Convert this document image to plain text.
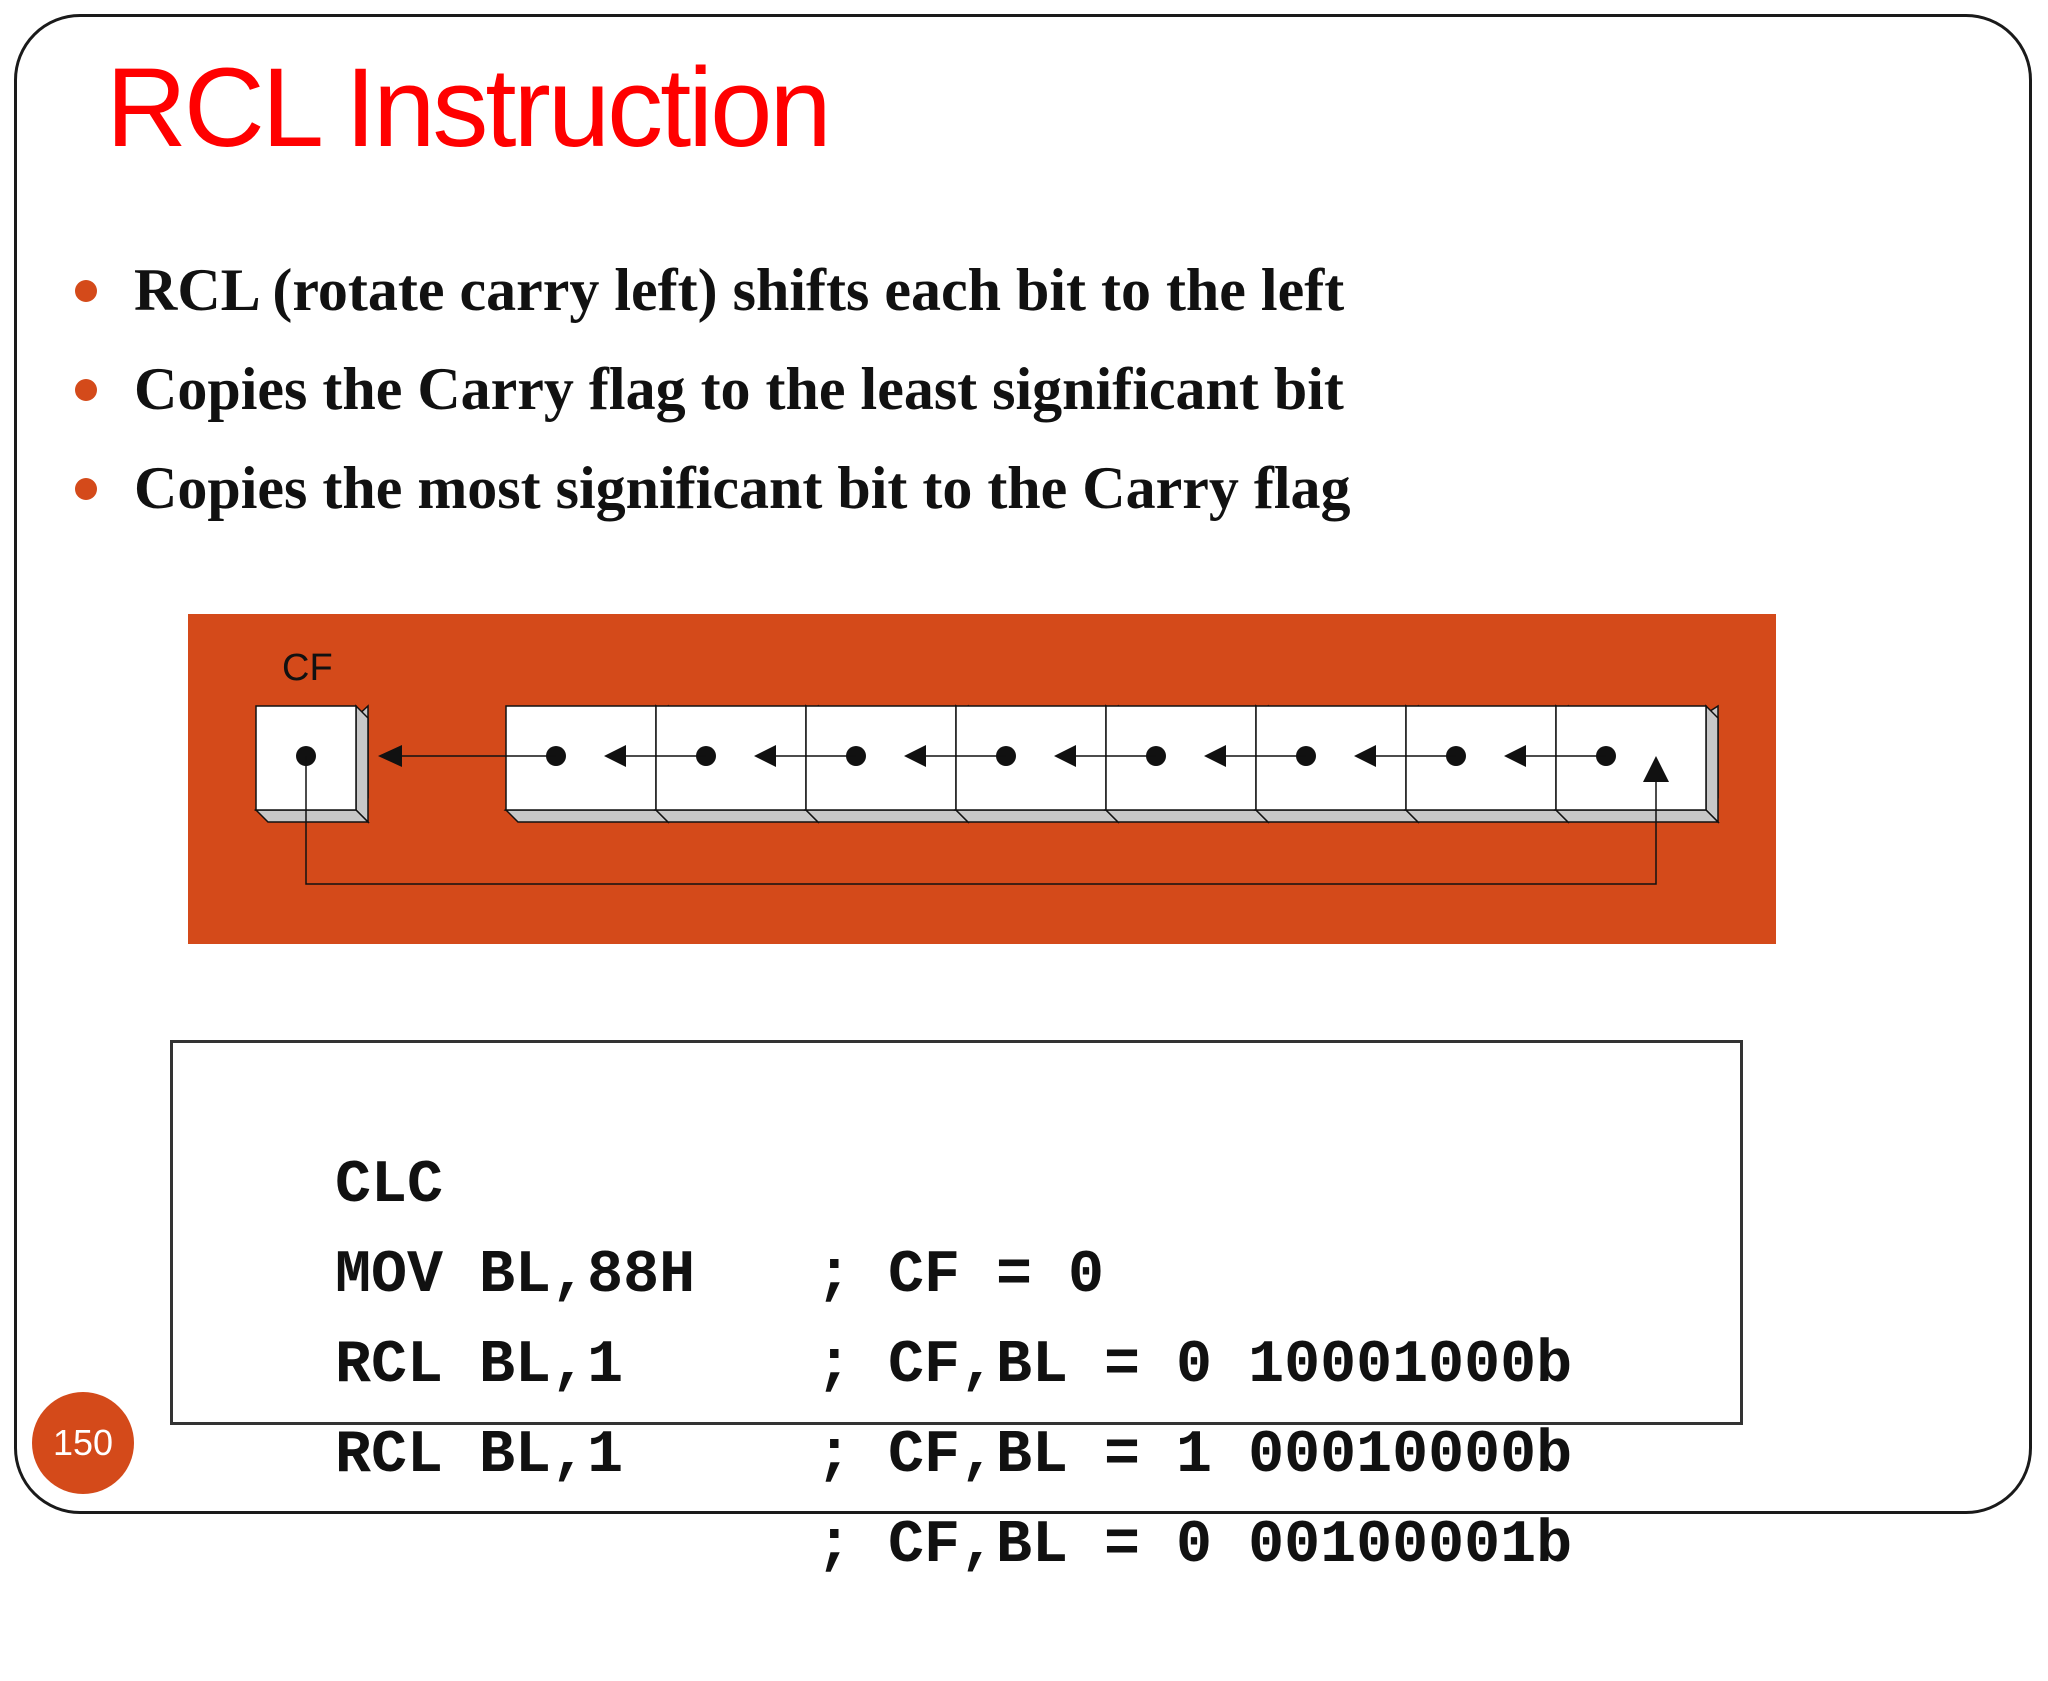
RCL Instruction
RCL (rotate carry left) shifts each bit to the left
Copies the Carry flag to the least significant bit
Copies the most significant bit to the Carry flag
CF

CLC

; CF = 0

MOV BL,88H

; CF,BL = 0 10001000b

RCL BL,1

; CF,BL = 1 00010000b

RCL BL,1

; CF,BL = 0 00100001b

150
